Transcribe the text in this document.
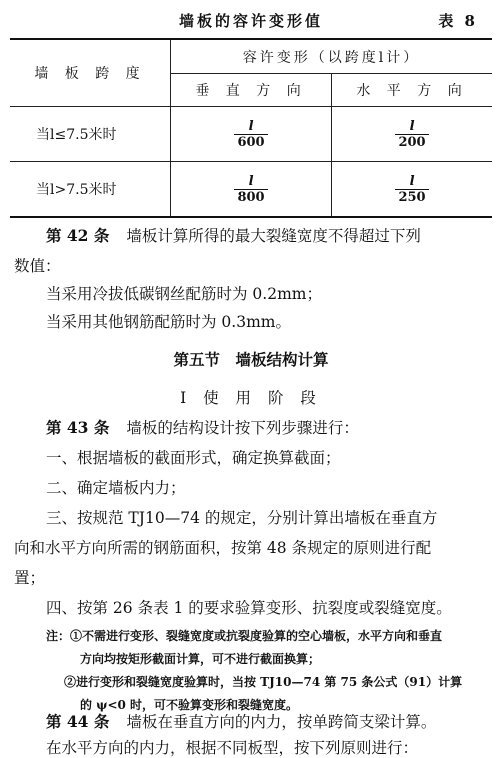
墙板的容许变形值	表 8
墙 板 跨 度	容许变形（以跨度l计）	
	垂 直 方 向	水 平 方 向
当l≤7.5米时	$\frac{l}{600}$	$\frac{l}{200}$

当l>7.5米时	$\frac{l}{800}$	$\frac{l}{250}$
第 42 条 墙板计算所得的最大裂缝宽度不得超过下列
数值：
当采用冷拔低碳钢丝配筋时为 0.2mm；
当采用其他钢筋配筋时为 0.3mm。
第五节　墙板结构计算
I 使 用 阶 段
第 43 条 墙板的结构设计按下列步骤进行：
一、根据墙板的截面形式，确定换算截面；
二、确定墙板内力；
三、按规范 TJ10—74 的规定，分别计算出墙板在垂直方
向和水平方向所需的钢筋面积，按第 48 条规定的原则进行配
置；
四、按第 26 条表 1 的要求验算变形、抗裂度或裂缝宽度。
注：①不需进行变形、裂缝宽度或抗裂度验算的空心墙板，水平方向和垂直
方向均按矩形截面计算，可不进行截面换算；
②进行变形和裂缝宽度验算时，当按 TJ10—74 第 75 条公式（91）计算
的 ψ<0 时，可不验算变形和裂缝宽度。
第 44 条 墙板在垂直方向的内力，按单跨简支梁计算。
在水平方向的内力，根据不同板型，按下列原则进行：
